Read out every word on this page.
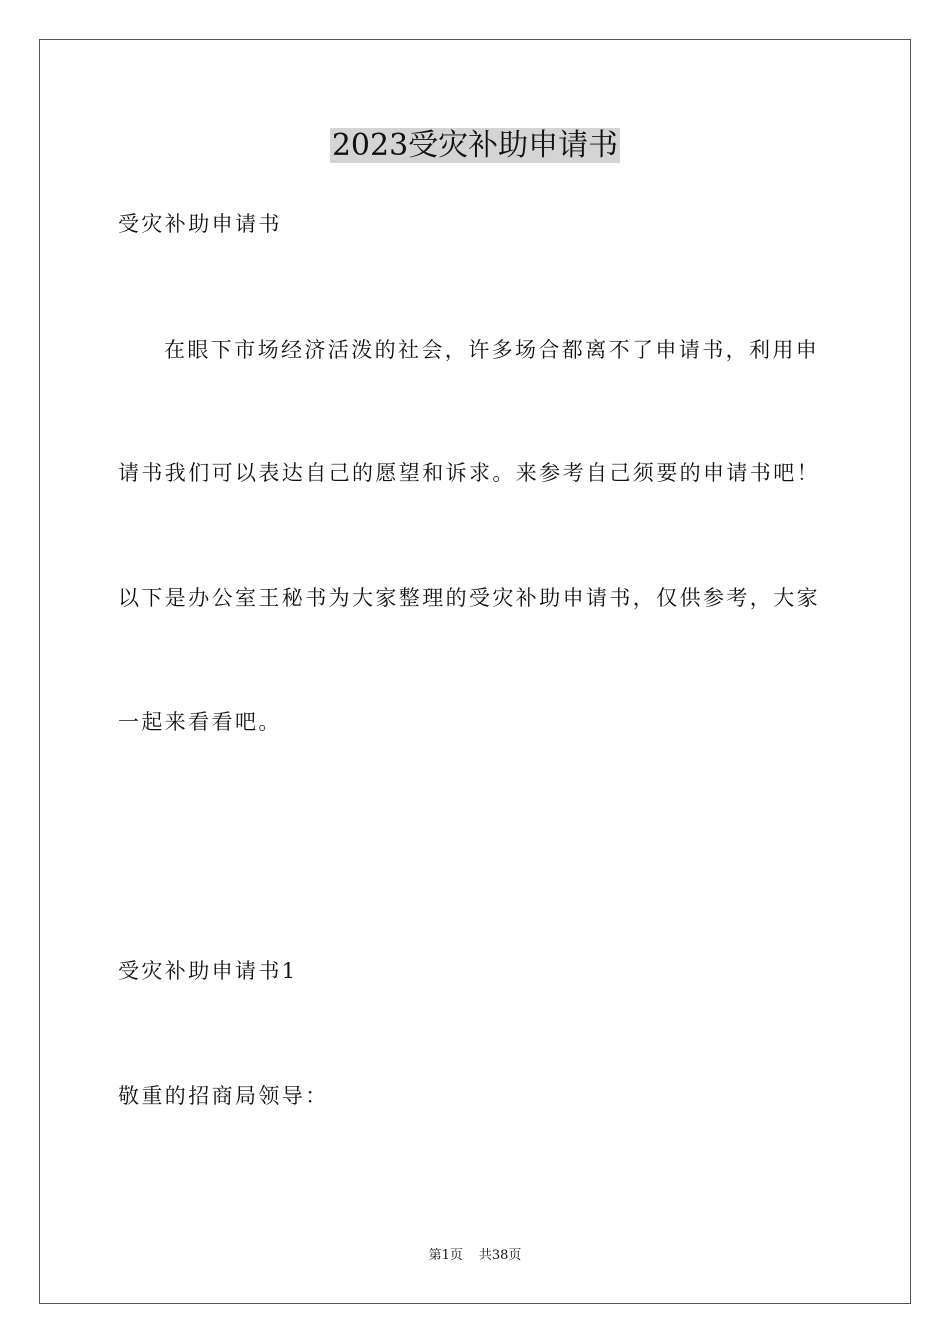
2023受灾补助申请书
受灾补助申请书
在眼下市场经济活泼的社会，许多场合都离不了申请书，利用申
请书我们可以表达自己的愿望和诉求。来参考自己须要的申请书吧！
以下是办公室王秘书为大家整理的受灾补助申请书，仅供参考，大家
一起来看看吧。
受灾补助申请书1
敬重的招商局领导：
第1页 共38页
